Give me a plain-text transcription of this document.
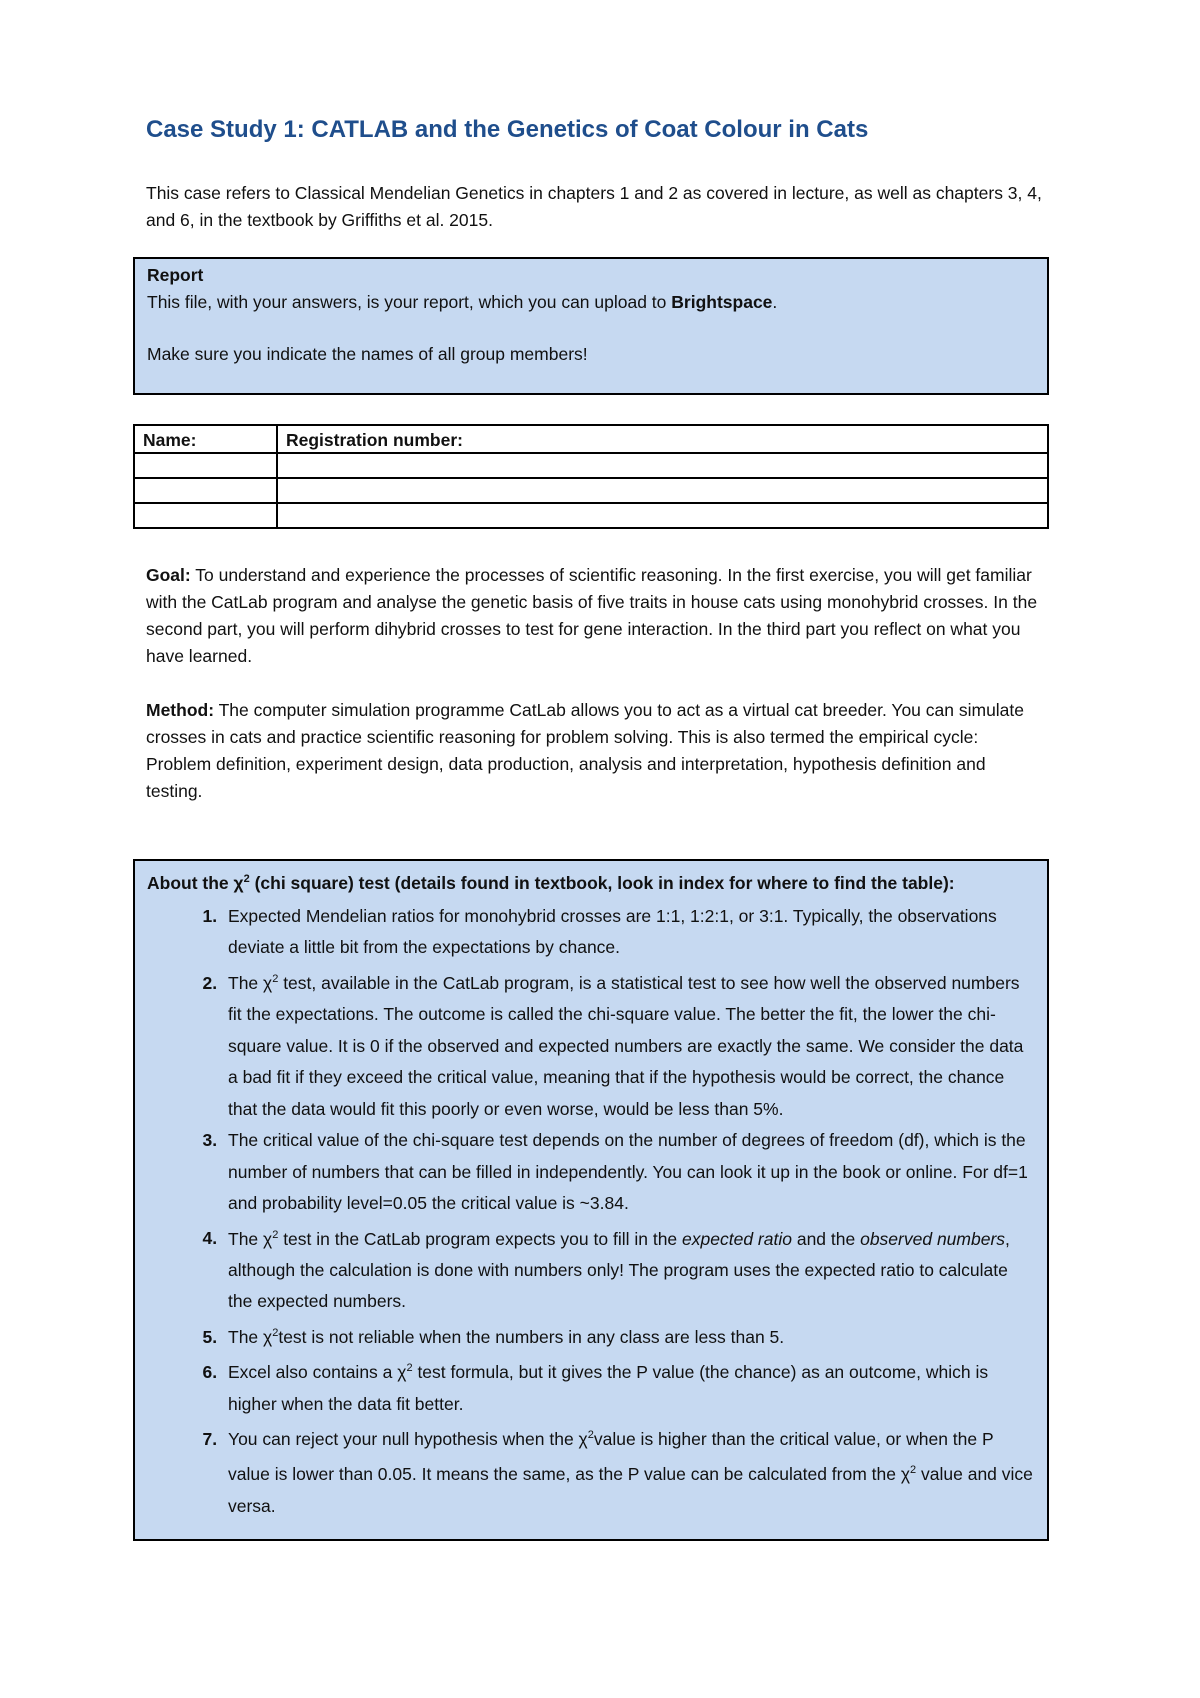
Case Study 1: CATLAB and the Genetics of Coat Colour in Cats

This case refers to Classical Mendelian Genetics in chapters 1 and 2 as covered in lecture, as well as chapters 3, 4, and 6, in the textbook by Griffiths et al. 2015.

Report

This file, with your answers, is your report, which you can upload to Brightspace.

Make sure you indicate the names of all group members!

Name:	Registration number:

Goal: To understand and experience the processes of scientific reasoning. In the first exercise, you will get familiar with the CatLab program and analyse the genetic basis of five traits in house cats using monohybrid crosses. In the second part, you will perform dihybrid crosses to test for gene interaction. In the third part you reflect on what you have learned.

Method: The computer simulation programme CatLab allows you to act as a virtual cat breeder. You can simulate crosses in cats and practice scientific reasoning for problem solving. This is also termed the empirical cycle: Problem definition, experiment design, data production, analysis and interpretation, hypothesis definition and testing.

About the $\chi^2$ (chi square) test (details found in textbook, look in index for where to find the table):

1. Expected Mendelian ratios for monohybrid crosses are 1:1, 1:2:1, or 3:1. Typically, the observations deviate a little bit from the expectations by chance.
2. The $\chi^2$ test, available in the CatLab program, is a statistical test to see how well the observed numbers fit the expectations. The outcome is called the chi-square value. The better the fit, the lower the chi-square value. It is 0 if the observed and expected numbers are exactly the same. We consider the data a bad fit if they exceed the critical value, meaning that if the hypothesis would be correct, the chance that the data would fit this poorly or even worse, would be less than 5%.
3. The critical value of the chi-square test depends on the number of degrees of freedom (df), which is the number of numbers that can be filled in independently. You can look it up in the book or online. For df=1 and probability level=0.05 the critical value is ~3.84.
4. The $\chi^2$ test in the CatLab program expects you to fill in the expected ratio and the observed numbers, although the calculation is done with numbers only! The program uses the expected ratio to calculate the expected numbers.
5. The $\chi^2test$ is not reliable when the numbers in any class are less than 5.
6. Excel also contains a $\chi^2$ test formula, but it gives the P value (the chance) as an outcome, which is higher when the data fit better.
7. You can reject your null hypothesis when the $\chi^2value$ is higher than the critical value, or when the P value is lower than 0.05. It means the same, as the P value can be calculated from the $\chi^2$ value and vice versa.
